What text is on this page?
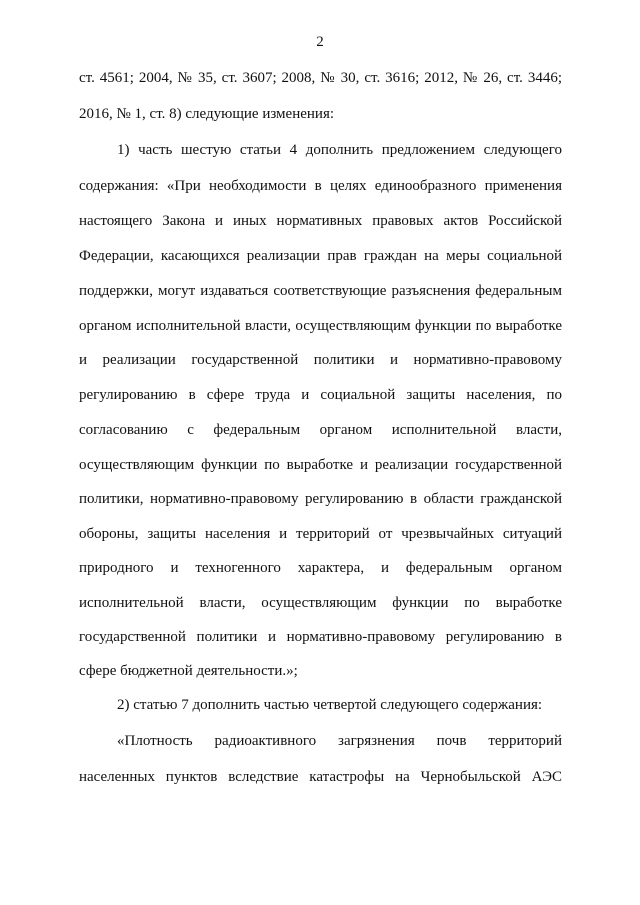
2
ст. 4561; 2004, № 35, ст. 3607; 2008, № 30, ст. 3616; 2012, № 26, ст. 3446;
2016, № 1, ст. 8) следующие изменения:
1) часть шестую статьи 4 дополнить предложением следующего
содержания: «При необходимости в целях единообразного применения
настоящего Закона и иных нормативных правовых актов Российской
Федерации, касающихся реализации прав граждан на меры социальной
поддержки, могут издаваться соответствующие разъяснения федеральным
органом исполнительной власти, осуществляющим функции по выработке
и реализации государственной политики и нормативно-правовому
регулированию в сфере труда и социальной защиты населения, по
согласованию с федеральным органом исполнительной власти,
осуществляющим функции по выработке и реализации государственной
политики, нормативно-правовому регулированию в области гражданской
обороны, защиты населения и территорий от чрезвычайных ситуаций
природного и техногенного характера, и федеральным органом
исполнительной власти, осуществляющим функции по выработке
государственной политики и нормативно-правовому регулированию в
сфере бюджетной деятельности.»;
2) статью 7 дополнить частью четвертой следующего содержания:
«Плотность радиоактивного загрязнения почв территорий
населенных пунктов вследствие катастрофы на Чернобыльской АЭС
